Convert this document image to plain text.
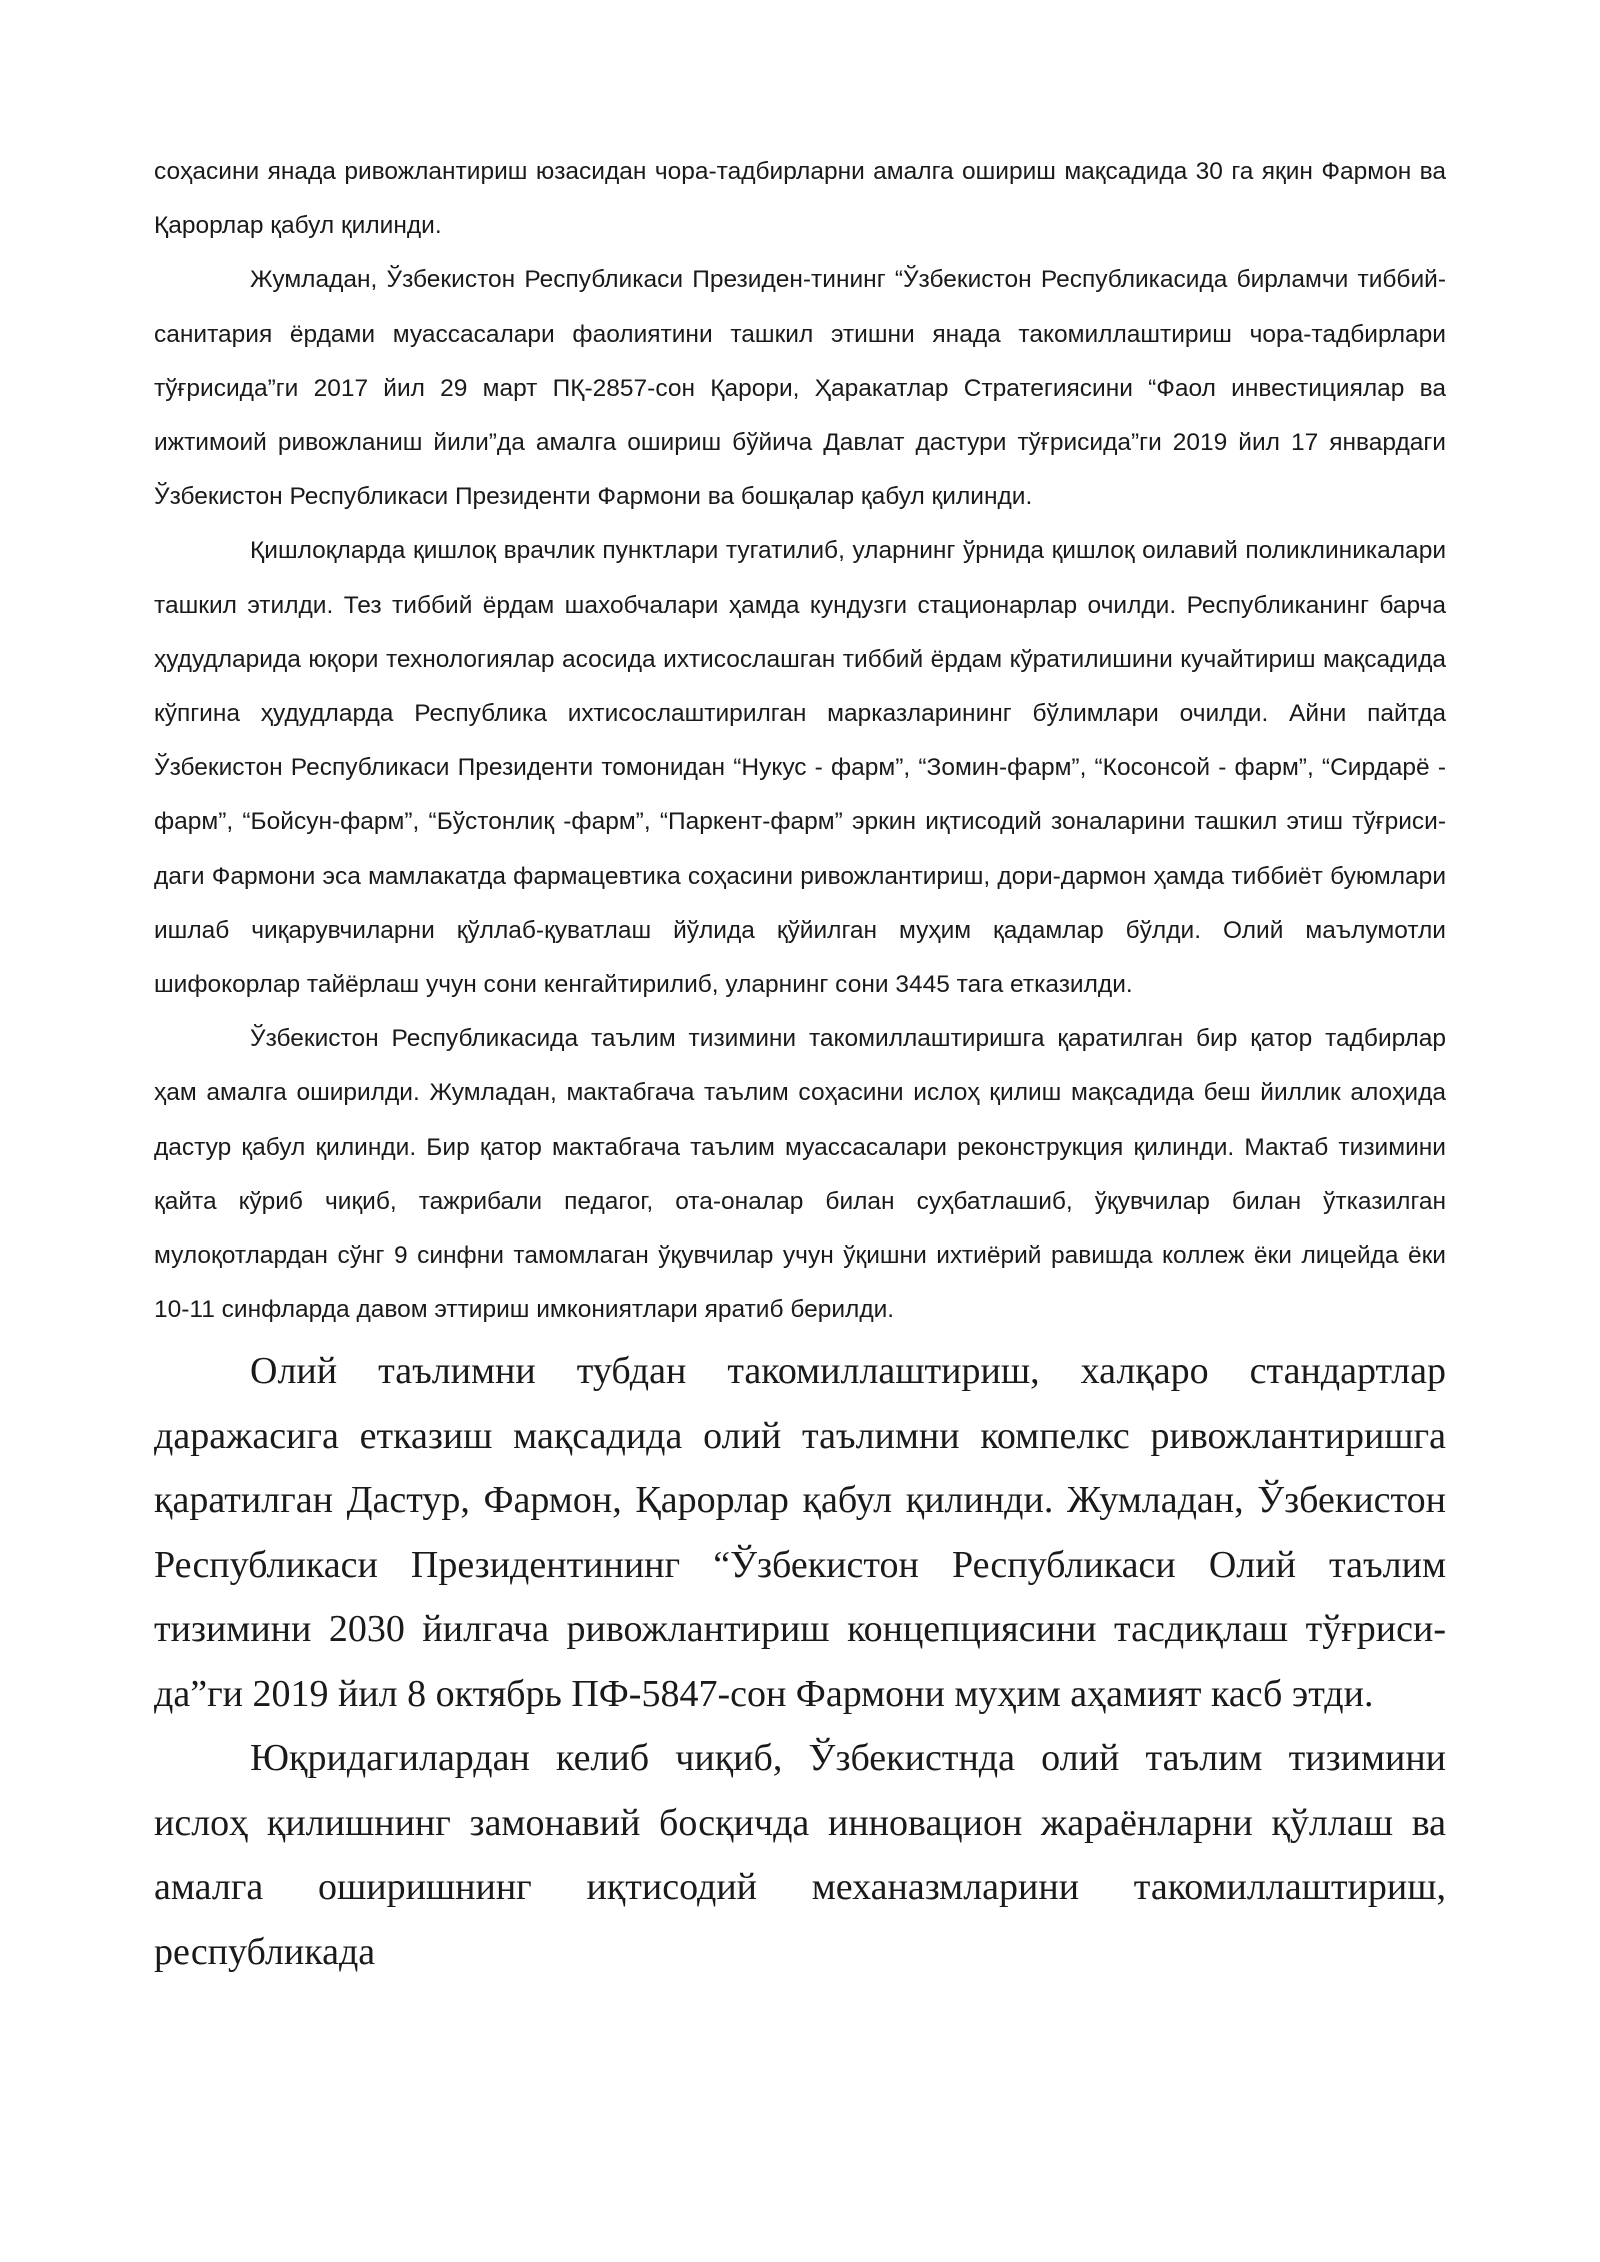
соҳасини янада ривожлантириш юзасидан чора-тадбирларни амалга ошириш мақсадида 30 га яқин Фармон ва Қарорлар қабул қилинди.

Жумладан, Ўзбекистон Республикаси Президен-тининг “Ўзбекистон Республикасида бирламчи тиббий-санитария ёрдами муассасалари фаолиятини ташкил этишни янада такомиллаштириш чора-тадбирлари тўғрисида”ги 2017 йил 29 март ПҚ-2857-сон Қарори, Ҳаракатлар Стратегиясини “Фаол инвестициялар ва ижтимоий ривожланиш йили”да амалга ошириш бўйича Давлат дастури тўғрисида”ги 2019 йил 17 январдаги Ўзбекистон Республикаси Президенти Фармони ва бошқалар қабул қилинди.

Қишлоқларда қишлоқ врачлик пунктлари тугатилиб, уларнинг ўрнида қишлоқ оилавий поликлиникалари ташкил этилди. Тез тиббий ёрдам шахобчалари ҳамда кундузги стационарлар очилди. Республиканинг барча ҳудудларида юқори технологиялар асосида ихтисослашган тиббий ёрдам кўратилишини кучайтириш мақсадида кўпгина ҳудудларда Республика ихтисослаштирилган марказларининг бўлимлари очилди. Айни пайтда Ўзбекистон Республикаси Президенти томонидан “Нукус - фарм”, “Зомин-фарм”, “Косонсой - фарм”, “Сирдарё - фарм”, “Бойсун-фарм”, “Бўстонлиқ -фарм”, “Паркент-фарм” эркин иқтисодий зоналарини ташкил этиш тўғриси-даги Фармони эса мамлакатда фармацевтика соҳасини ривожлантириш, дори-дармон ҳамда тиббиёт буюмлари ишлаб чиқарувчиларни қўллаб-қуватлаш йўлида қўйилган муҳим қадамлар бўлди. Олий маълумотли шифокорлар тайёрлаш учун сони кенгайтирилиб, уларнинг сони 3445 тага етказилди.

Ўзбекистон Республикасида таълим тизимини такомиллаштиришга қаратилган бир қатор тадбирлар ҳам амалга оширилди. Жумладан, мактабгача таълим соҳасини ислоҳ қилиш мақсадида беш йиллик алоҳида дастур қабул қилинди. Бир қатор мактабгача таълим муассасалари реконструкция қилинди. Мактаб тизимини қайта кўриб чиқиб, тажрибали педагог, ота-оналар билан суҳбатлашиб, ўқувчилар билан ўтказилган мулоқотлардан сўнг 9 синфни тамомлаган ўқувчилар учун ўқишни ихтиёрий равишда коллеж ёки лицейда ёки 10-11 синфларда давом эттириш имкониятлари яратиб берилди.

Олий таълимни тубдан такомиллаштириш, халқаро стандартлар даражасига етказиш мақсадида олий таълимни компелкс ривожлантиришга қаратилган Дастур, Фармон, Қарорлар қабул қилинди. Жумладан, Ўзбекистон Республикаси Президентининг “Ўзбекистон Республикаси Олий таълим тизимини 2030 йилгача ривожлантириш концепциясини тасдиқлаш тўғриси-да”ги 2019 йил 8 октябрь ПФ-5847-сон Фармони муҳим аҳамият касб этди.

Юқридагилардан келиб чиқиб, Ўзбекистнда олий таълим тизимини ислоҳ қилишнинг замонавий босқичда инновацион жараёнларни қўллаш ва амалга оширишнинг иқтисодий механазмларини такомиллаштириш, республикада
